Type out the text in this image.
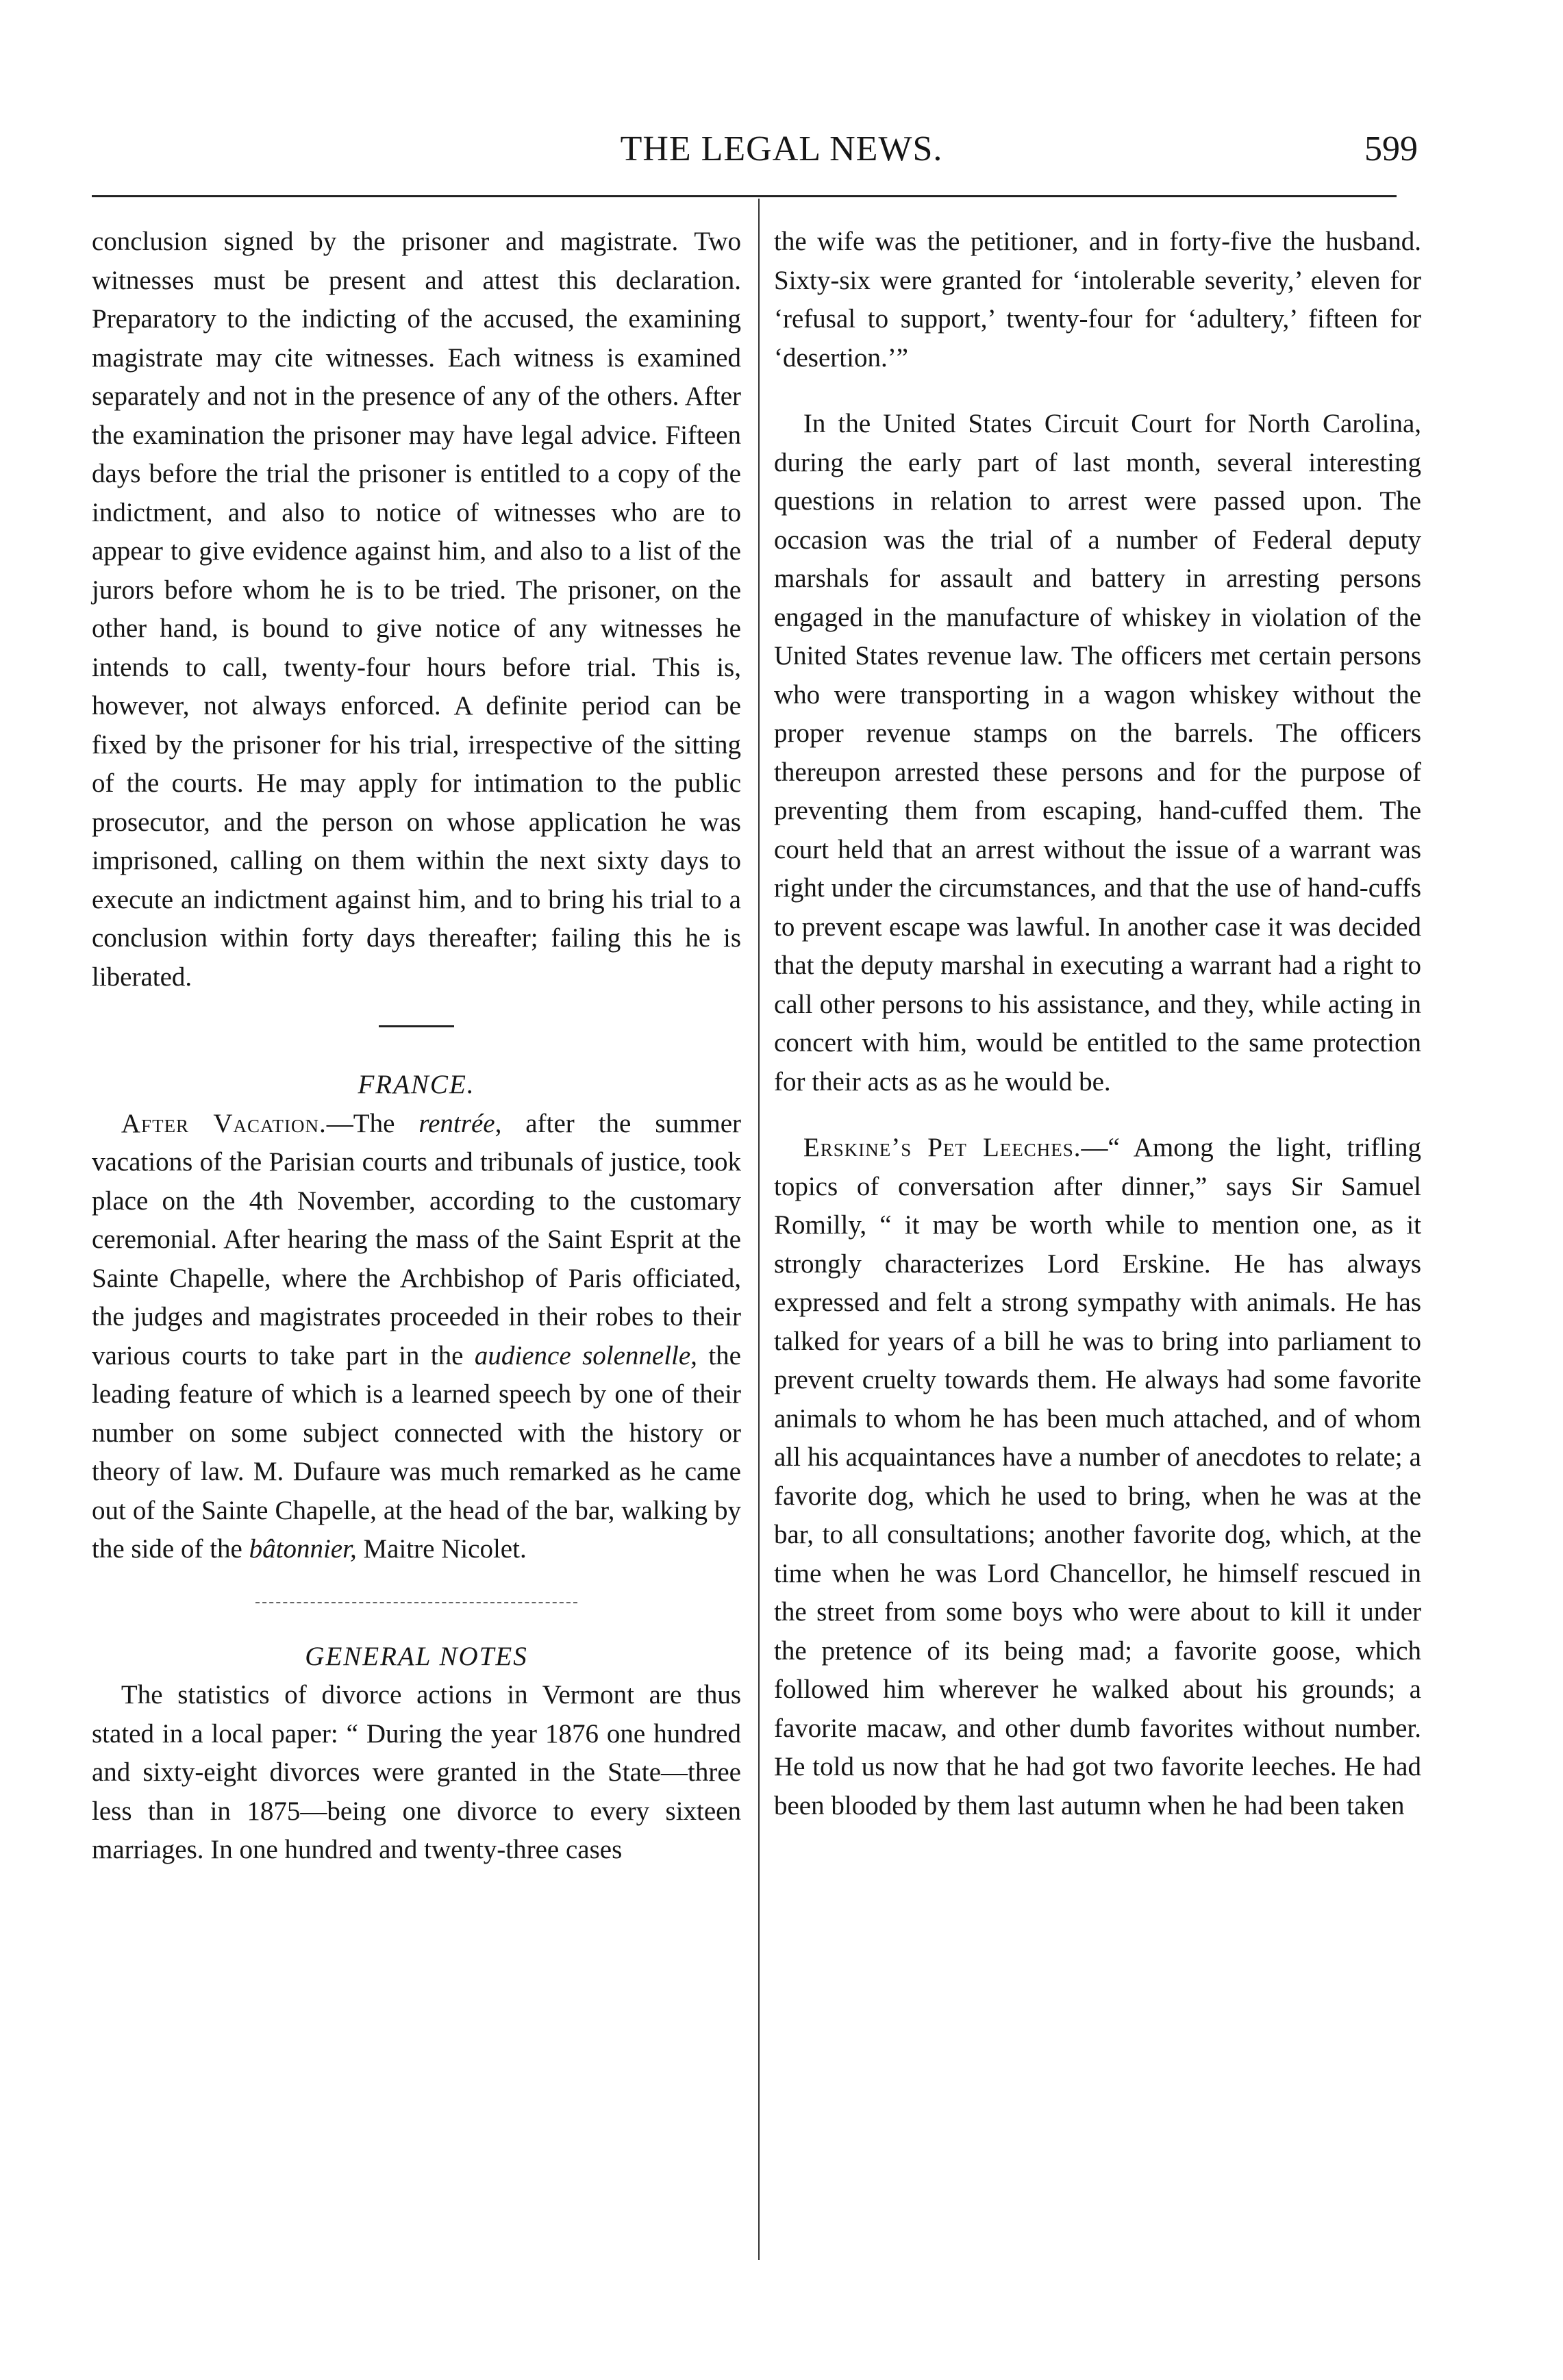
THE LEGAL NEWS.	599

conclusion signed by the prisoner and magistrate. Two witnesses must be present and attest this declaration. Preparatory to the indicting of the accused, the examining magistrate may cite witnesses. Each witness is examined separately and not in the presence of any of the others. After the examination the prisoner may have legal advice. Fifteen days before the trial the prisoner is entitled to a copy of the indictment, and also to notice of witnesses who are to appear to give evidence against him, and also to a list of the jurors before whom he is to be tried. The prisoner, on the other hand, is bound to give notice of any witnesses he intends to call, twenty-four hours before trial. This is, however, not always enforced. A definite period can be fixed by the prisoner for his trial, irrespective of the sitting of the courts. He may apply for intimation to the public prosecutor, and the person on whose application he was imprisoned, calling on them within the next sixty days to execute an indictment against him, and to bring his trial to a conclusion within forty days thereafter; failing this he is liberated.

FRANCE.

After Vacation.—The rentrée, after the summer vacations of the Parisian courts and tribunals of justice, took place on the 4th November, according to the customary ceremonial. After hearing the mass of the Saint Esprit at the Sainte Chapelle, where the Archbishop of Paris officiated, the judges and magistrates proceeded in their robes to their various courts to take part in the audience solennelle, the leading feature of which is a learned speech by one of their number on some subject connected with the history or theory of law. M. Dufaure was much remarked as he came out of the Sainte Chapelle, at the head of the bar, walking by the side of the bâtonnier, Maitre Nicolet.

GENERAL NOTES

The statistics of divorce actions in Vermont are thus stated in a local paper: “ During the year 1876 one hundred and sixty-eight divorces were granted in the State—three less than in 1875—being one divorce to every sixteen marriages. In one hundred and twenty-three cases

the wife was the petitioner, and in forty-five the husband. Sixty-six were granted for ‘intolerable severity,’ eleven for ‘refusal to support,’ twenty-four for ‘adultery,’ fifteen for ‘desertion.’”

In the United States Circuit Court for North Carolina, during the early part of last month, several interesting questions in relation to arrest were passed upon. The occasion was the trial of a number of Federal deputy marshals for assault and battery in arresting persons engaged in the manufacture of whiskey in violation of the United States revenue law. The officers met certain persons who were transporting in a wagon whiskey without the proper revenue stamps on the barrels. The officers thereupon arrested these persons and for the purpose of preventing them from escaping, hand-cuffed them. The court held that an arrest without the issue of a warrant was right under the circumstances, and that the use of hand-cuffs to prevent escape was lawful. In another case it was decided that the deputy marshal in executing a warrant had a right to call other persons to his assistance, and they, while acting in concert with him, would be entitled to the same protection for their acts as as he would be.

Erskine’s Pet Leeches.—“ Among the light, trifling topics of conversation after dinner,” says Sir Samuel Romilly, “ it may be worth while to mention one, as it strongly characterizes Lord Erskine. He has always expressed and felt a strong sympathy with animals. He has talked for years of a bill he was to bring into parliament to prevent cruelty towards them. He always had some favorite animals to whom he has been much attached, and of whom all his acquaintances have a number of anecdotes to relate; a favorite dog, which he used to bring, when he was at the bar, to all consultations; another favorite dog, which, at the time when he was Lord Chancellor, he himself rescued in the street from some boys who were about to kill it under the pretence of its being mad; a favorite goose, which followed him wherever he walked about his grounds; a favorite macaw, and other dumb favorites without number. He told us now that he had got two favorite leeches. He had been blooded by them last autumn when he had been taken
